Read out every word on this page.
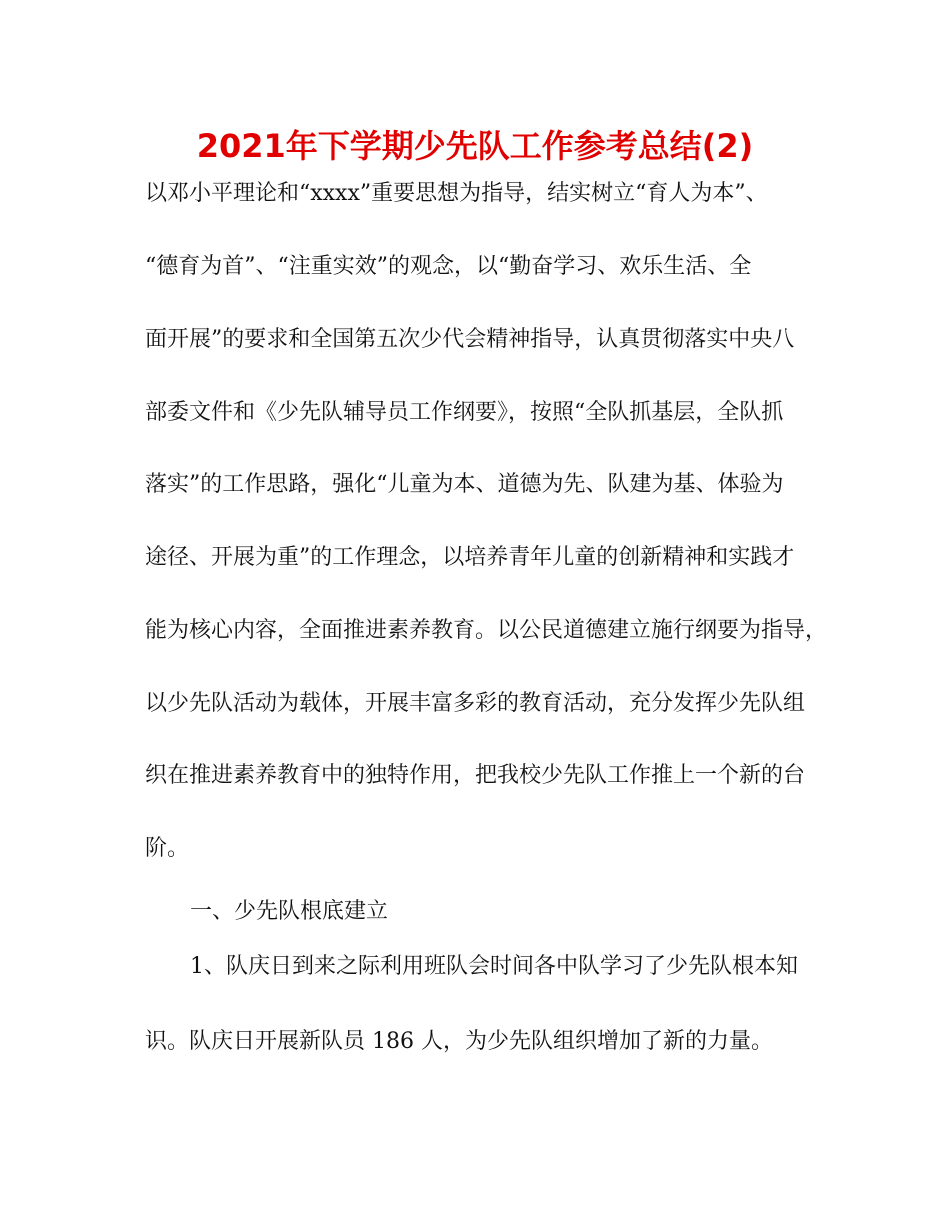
2021年下学期少先队工作参考总结(2)
以邓小平理论和“xxxx”重要思想为指导，结实树立“育人为本”、
“德育为首”、“注重实效”的观念，以“勤奋学习、欢乐生活、全
面开展”的要求和全国第五次少代会精神指导，认真贯彻落实中央八
部委文件和《少先队辅导员工作纲要》，按照“全队抓基层，全队抓
落实”的工作思路，强化“儿童为本、道德为先、队建为基、体验为
途径、开展为重”的工作理念，以培养青年儿童的创新精神和实践才
能为核心内容，全面推进素养教育。以公民道德建立施行纲要为指导，
以少先队活动为载体，开展丰富多彩的教育活动，充分发挥少先队组
织在推进素养教育中的独特作用，把我校少先队工作推上一个新的台
阶。
一、少先队根底建立
1、队庆日到来之际利用班队会时间各中队学习了少先队根本知
识。队庆日开展新队员 186 人，为少先队组织增加了新的力量。
